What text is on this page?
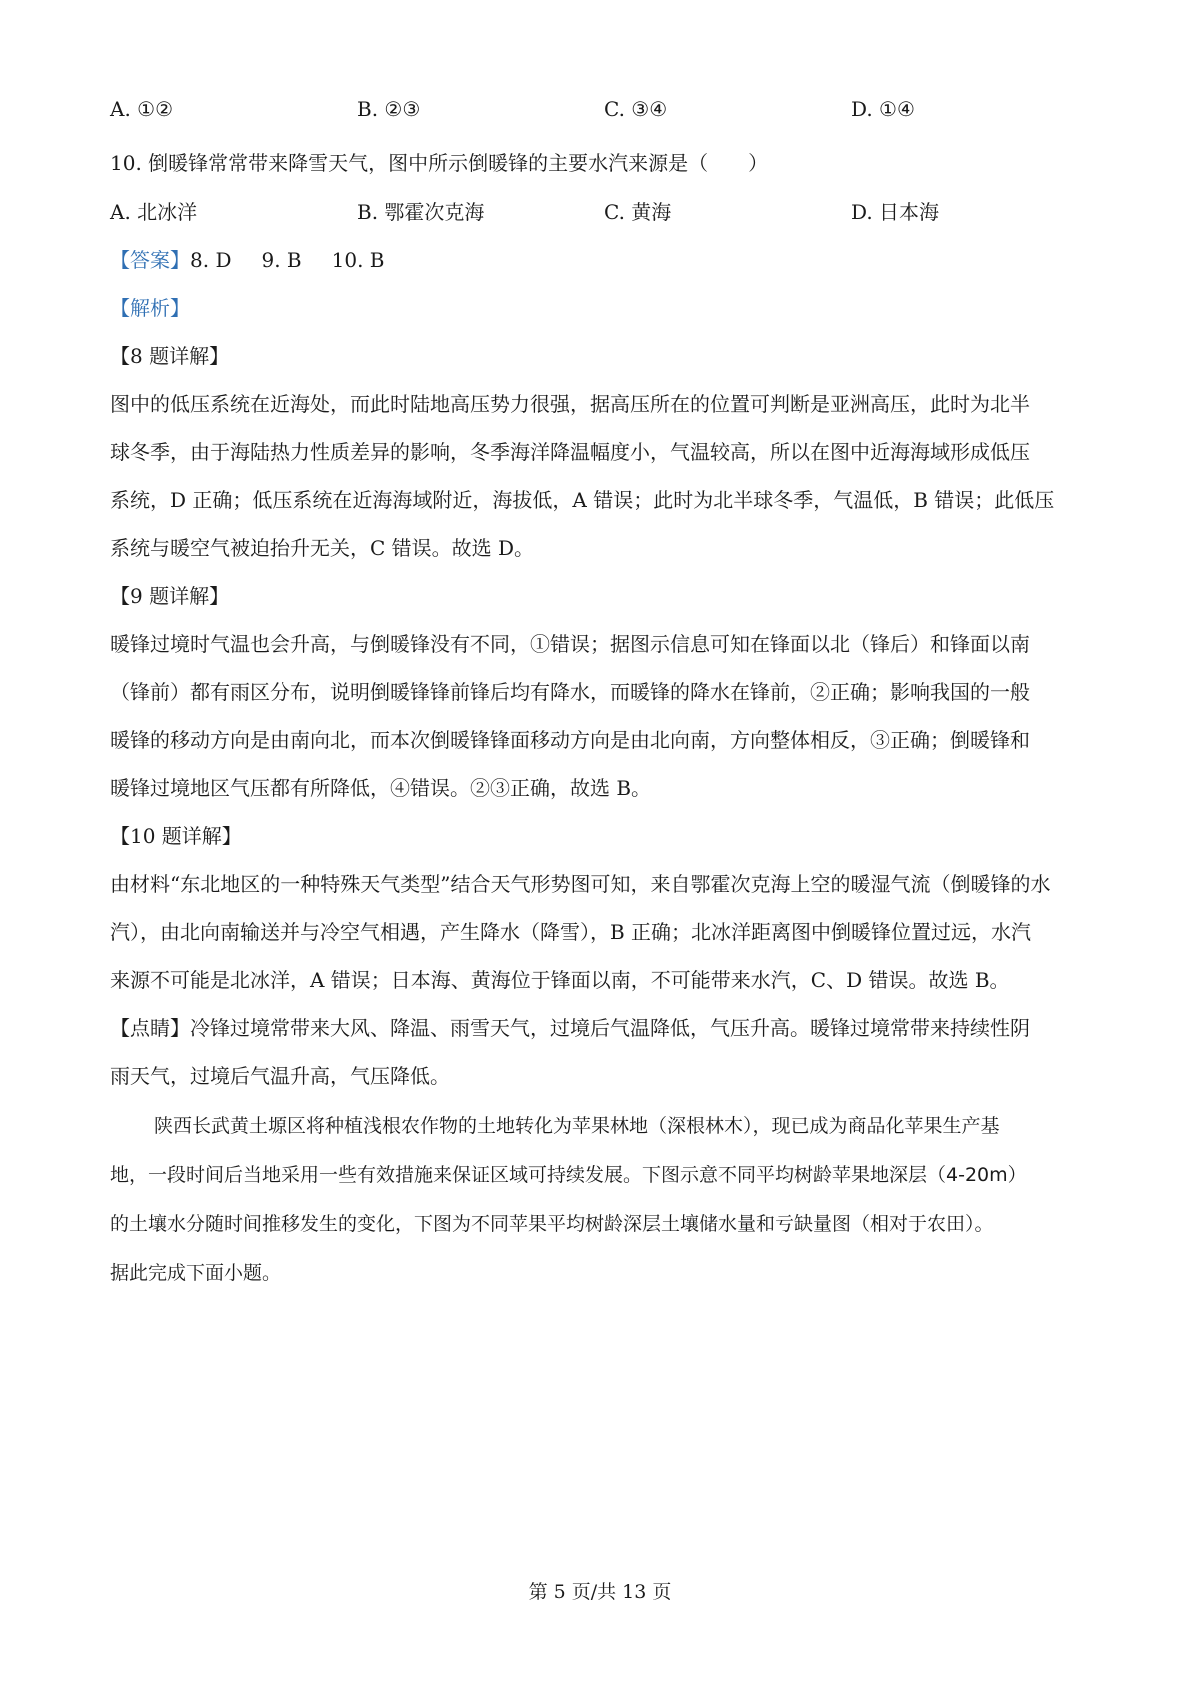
A. ①②	B. ②③	C. ③④	D. ①④
10. 倒暖锋常常带来降雪天气，图中所示倒暖锋的主要水汽来源是（　　）
A. 北冰洋	B. 鄂霍次克海	C. 黄海	D. 日本海
【答案】8. D 9. B 10. B
【解析】
【8 题详解】
图中的低压系统在近海处，而此时陆地高压势力很强，据高压所在的位置可判断是亚洲高压，此时为北半
球冬季，由于海陆热力性质差异的影响，冬季海洋降温幅度小，气温较高，所以在图中近海海域形成低压
系统，D 正确；低压系统在近海海域附近，海拔低，A 错误；此时为北半球冬季，气温低，B 错误；此低压
系统与暖空气被迫抬升无关，C 错误。故选 D。
【9 题详解】
暖锋过境时气温也会升高，与倒暖锋没有不同，①错误；据图示信息可知在锋面以北（锋后）和锋面以南
（锋前）都有雨区分布，说明倒暖锋锋前锋后均有降水，而暖锋的降水在锋前，②正确；影响我国的一般
暖锋的移动方向是由南向北，而本次倒暖锋锋面移动方向是由北向南，方向整体相反，③正确；倒暖锋和
暖锋过境地区气压都有所降低，④错误。②③正确，故选 B。
【10 题详解】
由材料“东北地区的一种特殊天气类型”结合天气形势图可知，来自鄂霍次克海上空的暖湿气流（倒暖锋的水
汽），由北向南输送并与冷空气相遇，产生降水（降雪），B 正确；北冰洋距离图中倒暖锋位置过远，水汽
来源不可能是北冰洋，A 错误；日本海、黄海位于锋面以南，不可能带来水汽，C、D 错误。故选 B。
【点睛】冷锋过境常带来大风、降温、雨雪天气，过境后气温降低，气压升高。暖锋过境常带来持续性阴
雨天气，过境后气温升高，气压降低。
陕西长武黄土塬区将种植浅根农作物的土地转化为苹果林地（深根林木），现已成为商品化苹果生产基
地，一段时间后当地采用一些有效措施来保证区域可持续发展。下图示意不同平均树龄苹果地深层（4-20m）
的土壤水分随时间推移发生的变化，下图为不同苹果平均树龄深层土壤储水量和亏缺量图（相对于农田）。
据此完成下面小题。
第 5 页/共 13 页
